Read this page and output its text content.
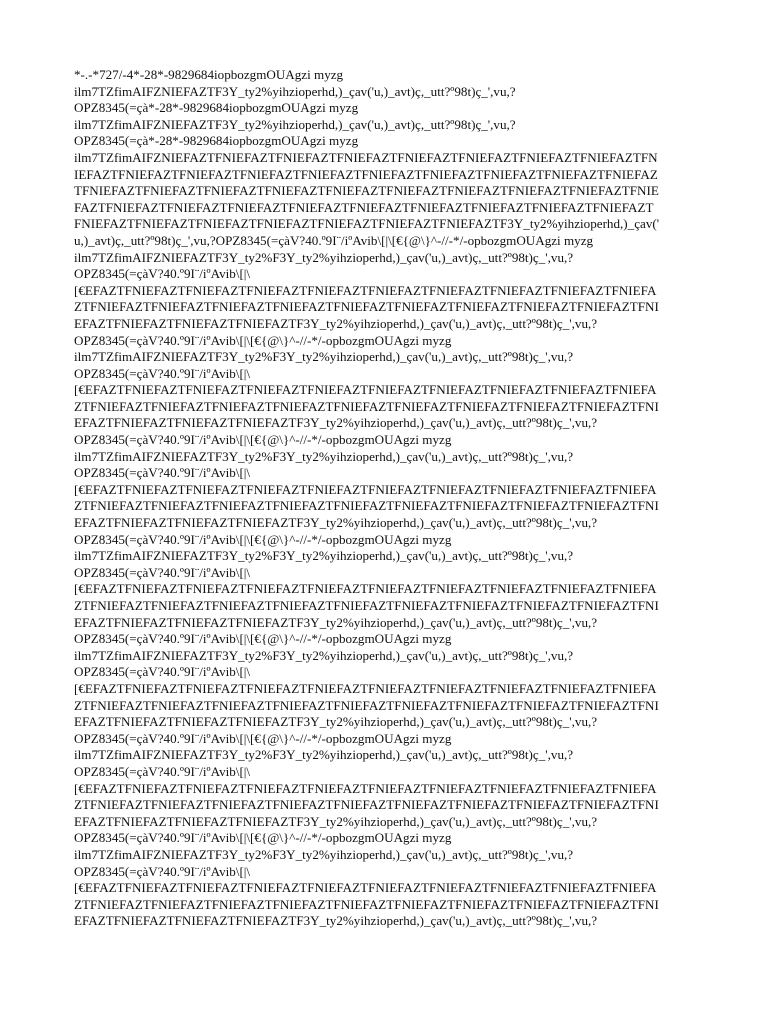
*-.-*727/-4*-28*-9829684iopbozgmOUAgzi myzg
ilm7TZfimAIFZNIEFAZTF3Y_ty2%yihzioperhd,)_çav('u,)_avt)ç,_utt?º98t)ç_',vu,?
OPZ8345(=çà*-28*-9829684iopbozgmOUAgzi myzg
ilm7TZfimAIFZNIEFAZTF3Y_ty2%yihzioperhd,)_çav('u,)_avt)ç,_utt?º98t)ç_',vu,?
OPZ8345(=çà*-28*-9829684iopbozgmOUAgzi myzg
ilm7TZfimAIFZNIEFAZTFNIEFAZTFNIEFAZTFNIEFAZTFNIEFAZTFNIEFAZTFNIEFAZTFNIEFAZTFN
IEFAZTFNIEFAZTFNIEFAZTFNIEFAZTFNIEFAZTFNIEFAZTFNIEFAZTFNIEFAZTFNIEFAZTFNIEFAZ
TFNIEFAZTFNIEFAZTFNIEFAZTFNIEFAZTFNIEFAZTFNIEFAZTFNIEFAZTFNIEFAZTFNIEFAZTFNIE
FAZTFNIEFAZTFNIEFAZTFNIEFAZTFNIEFAZTFNIEFAZTFNIEFAZTFNIEFAZTFNIEFAZTFNIEFAZT
FNIEFAZTFNIEFAZTFNIEFAZTFNIEFAZTFNIEFAZTFNIEFAZTFNIEFAZTF3Y_ty2%yihzioperhd,)_çav('
u,)_avt)ç,_utt?º98t)ç_',vu,?OPZ8345(=çàV?40.º9I¨/iºAvib\[|\[€{@\}^-//-*/-opbozgmOUAgzi myzg
ilm7TZfimAIFZNIEFAZTF3Y_ty2%F3Y_ty2%yihzioperhd,)_çav('u,)_avt)ç,_utt?º98t)ç_',vu,?
OPZ8345(=çàV?40.º9I¨/iºAvib\[|\
[€EFAZTFNIEFAZTFNIEFAZTFNIEFAZTFNIEFAZTFNIEFAZTFNIEFAZTFNIEFAZTFNIEFAZTFNIEFA
ZTFNIEFAZTFNIEFAZTFNIEFAZTFNIEFAZTFNIEFAZTFNIEFAZTFNIEFAZTFNIEFAZTFNIEFAZTFNI
EFAZTFNIEFAZTFNIEFAZTFNIEFAZTF3Y_ty2%yihzioperhd,)_çav('u,)_avt)ç,_utt?º98t)ç_',vu,?
OPZ8345(=çàV?40.º9I¨/iºAvib\[|\[€{@\}^-//-*/-opbozgmOUAgzi myzg
ilm7TZfimAIFZNIEFAZTF3Y_ty2%F3Y_ty2%yihzioperhd,)_çav('u,)_avt)ç,_utt?º98t)ç_',vu,?
OPZ8345(=çàV?40.º9I¨/iºAvib\[|\
[€EFAZTFNIEFAZTFNIEFAZTFNIEFAZTFNIEFAZTFNIEFAZTFNIEFAZTFNIEFAZTFNIEFAZTFNIEFA
ZTFNIEFAZTFNIEFAZTFNIEFAZTFNIEFAZTFNIEFAZTFNIEFAZTFNIEFAZTFNIEFAZTFNIEFAZTFNI
EFAZTFNIEFAZTFNIEFAZTFNIEFAZTF3Y_ty2%yihzioperhd,)_çav('u,)_avt)ç,_utt?º98t)ç_',vu,?
OPZ8345(=çàV?40.º9I¨/iºAvib\[|\[€{@\}^-//-*/-opbozgmOUAgzi myzg
ilm7TZfimAIFZNIEFAZTF3Y_ty2%F3Y_ty2%yihzioperhd,)_çav('u,)_avt)ç,_utt?º98t)ç_',vu,?
OPZ8345(=çàV?40.º9I¨/iºAvib\[|\
[€EFAZTFNIEFAZTFNIEFAZTFNIEFAZTFNIEFAZTFNIEFAZTFNIEFAZTFNIEFAZTFNIEFAZTFNIEFA
ZTFNIEFAZTFNIEFAZTFNIEFAZTFNIEFAZTFNIEFAZTFNIEFAZTFNIEFAZTFNIEFAZTFNIEFAZTFNI
EFAZTFNIEFAZTFNIEFAZTFNIEFAZTF3Y_ty2%yihzioperhd,)_çav('u,)_avt)ç,_utt?º98t)ç_',vu,?
OPZ8345(=çàV?40.º9I¨/iºAvib\[|\[€{@\}^-//-*/-opbozgmOUAgzi myzg
ilm7TZfimAIFZNIEFAZTF3Y_ty2%F3Y_ty2%yihzioperhd,)_çav('u,)_avt)ç,_utt?º98t)ç_',vu,?
OPZ8345(=çàV?40.º9I¨/iºAvib\[|\
[€EFAZTFNIEFAZTFNIEFAZTFNIEFAZTFNIEFAZTFNIEFAZTFNIEFAZTFNIEFAZTFNIEFAZTFNIEFA
ZTFNIEFAZTFNIEFAZTFNIEFAZTFNIEFAZTFNIEFAZTFNIEFAZTFNIEFAZTFNIEFAZTFNIEFAZTFNI
EFAZTFNIEFAZTFNIEFAZTFNIEFAZTF3Y_ty2%yihzioperhd,)_çav('u,)_avt)ç,_utt?º98t)ç_',vu,?
OPZ8345(=çàV?40.º9I¨/iºAvib\[|\[€{@\}^-//-*/-opbozgmOUAgzi myzg
ilm7TZfimAIFZNIEFAZTF3Y_ty2%F3Y_ty2%yihzioperhd,)_çav('u,)_avt)ç,_utt?º98t)ç_',vu,?
OPZ8345(=çàV?40.º9I¨/iºAvib\[|\
[€EFAZTFNIEFAZTFNIEFAZTFNIEFAZTFNIEFAZTFNIEFAZTFNIEFAZTFNIEFAZTFNIEFAZTFNIEFA
ZTFNIEFAZTFNIEFAZTFNIEFAZTFNIEFAZTFNIEFAZTFNIEFAZTFNIEFAZTFNIEFAZTFNIEFAZTFNI
EFAZTFNIEFAZTFNIEFAZTFNIEFAZTF3Y_ty2%yihzioperhd,)_çav('u,)_avt)ç,_utt?º98t)ç_',vu,?
OPZ8345(=çàV?40.º9I¨/iºAvib\[|\[€{@\}^-//-*/-opbozgmOUAgzi myzg
ilm7TZfimAIFZNIEFAZTF3Y_ty2%F3Y_ty2%yihzioperhd,)_çav('u,)_avt)ç,_utt?º98t)ç_',vu,?
OPZ8345(=çàV?40.º9I¨/iºAvib\[|\
[€EFAZTFNIEFAZTFNIEFAZTFNIEFAZTFNIEFAZTFNIEFAZTFNIEFAZTFNIEFAZTFNIEFAZTFNIEFA
ZTFNIEFAZTFNIEFAZTFNIEFAZTFNIEFAZTFNIEFAZTFNIEFAZTFNIEFAZTFNIEFAZTFNIEFAZTFNI
EFAZTFNIEFAZTFNIEFAZTFNIEFAZTF3Y_ty2%yihzioperhd,)_çav('u,)_avt)ç,_utt?º98t)ç_',vu,?
OPZ8345(=çàV?40.º9I¨/iºAvib\[|\[€{@\}^-//-*/-opbozgmOUAgzi myzg
ilm7TZfimAIFZNIEFAZTF3Y_ty2%F3Y_ty2%yihzioperhd,)_çav('u,)_avt)ç,_utt?º98t)ç_',vu,?
OPZ8345(=çàV?40.º9I¨/iºAvib\[|\
[€EFAZTFNIEFAZTFNIEFAZTFNIEFAZTFNIEFAZTFNIEFAZTFNIEFAZTFNIEFAZTFNIEFAZTFNIEFA
ZTFNIEFAZTFNIEFAZTFNIEFAZTFNIEFAZTFNIEFAZTFNIEFAZTFNIEFAZTFNIEFAZTFNIEFAZTFNI
EFAZTFNIEFAZTFNIEFAZTFNIEFAZTF3Y_ty2%yihzioperhd,)_çav('u,)_avt)ç,_utt?º98t)ç_',vu,?
